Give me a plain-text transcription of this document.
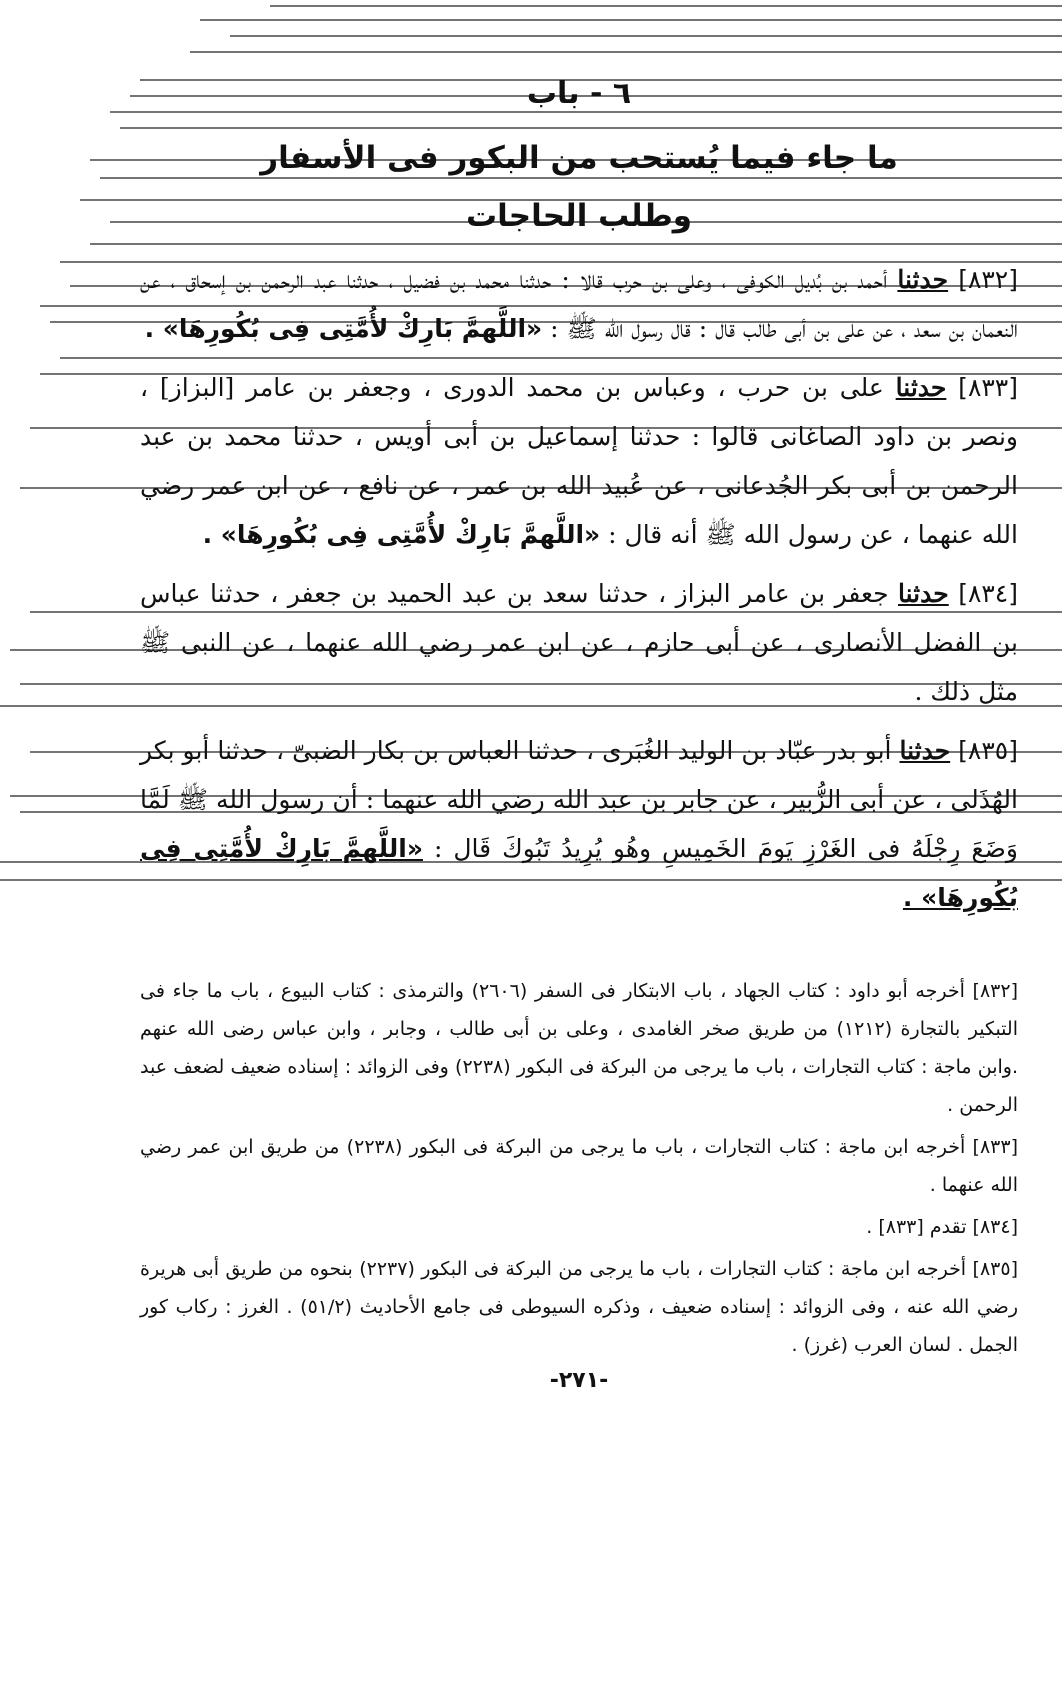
٦ - باب
ما جاء فيما يُستحب من البكور فى الأسفار
وطلب الحاجات

[٨٣٢] حدثنا أحمد بن بُديل الكوفى ، وعلى بن حرب قالا : حدثنا محمد بن فضيل ، حدثنا عبد الرحمن بن إسحاق ، عن النعمان بن سعد ، عن على بن أبى طالب قال : قال رسول الله ﷺ : «اللَّهمَّ بَارِكْ لأُمَّتِى فِى بُكُورِهَا» .

[٨٣٣] حدثنا على بن حرب ، وعباس بن محمد الدورى ، وجعفر بن عامر [البزاز] ، ونصر بن داود الصاغانى قالوا : حدثنا إسماعيل بن أبى أويس ، حدثنا محمد بن عبد الرحمن بن أبى بكر الجُدعانى ، عن عُبيد الله بن عمر ، عن نافع ، عن ابن عمر رضي الله عنهما ، عن رسول الله ﷺ أنه قال : «اللَّهمَّ بَارِكْ لأُمَّتِى فِى بُكُورِهَا» .

[٨٣٤] حدثنا جعفر بن عامر البزاز ، حدثنا سعد بن عبد الحميد بن جعفر ، حدثنا عباس بن الفضل الأنصارى ، عن أبى حازم ، عن ابن عمر رضي الله عنهما ، عن النبى ﷺ مثل ذلك .

[٨٣٥] حدثنا أبو بدر عبّاد بن الوليد الغُبَرى ، حدثنا العباس بن بكار الضبىّ ، حدثنا أبو بكر الهُذَلى ، عن أبى الزُّبير ، عن جابر بن عبد الله رضي الله عنهما : أن رسول الله ﷺ لَمَّا وَضَعَ رِجْلَهُ فى الغَرْزِ يَومَ الخَمِيسِ وهُو يُرِيدُ تَبُوكَ قَال : «اللَّهمَّ بَارِكْ لأُمَّتِى فِى بُكُورِهَا» .

[٨٣٢] أخرجه أبو داود : كتاب الجهاد ، باب الابتكار فى السفر (٢٦٠٦) والترمذى : كتاب البيوع ، باب ما جاء فى التبكير بالتجارة (١٢١٢) من طريق صخر الغامدى ، وعلى بن أبى طالب ، وجابر ، وابن عباس رضى الله عنهم .وابن ماجة : كتاب التجارات ، باب ما يرجى من البركة فى البكور (٢٢٣٨) وفى الزوائد : إسناده ضعيف لضعف عبد الرحمن .

[٨٣٣] أخرجه ابن ماجة : كتاب التجارات ، باب ما يرجى من البركة فى البكور (٢٢٣٨) من طريق ابن عمر رضي الله عنهما .

[٨٣٤] تقدم [٨٣٣] .

[٨٣٥] أخرجه ابن ماجة : كتاب التجارات ، باب ما يرجى من البركة فى البكور (٢٢٣٧) بنحوه من طريق أبى هريرة رضي الله عنه ، وفى الزوائد : إسناده ضعيف ، وذكره السيوطى فى جامع الأحاديث (٥١/٢) . الغرز : ركاب كور الجمل . لسان العرب (غرز) .

-٢٧١-
